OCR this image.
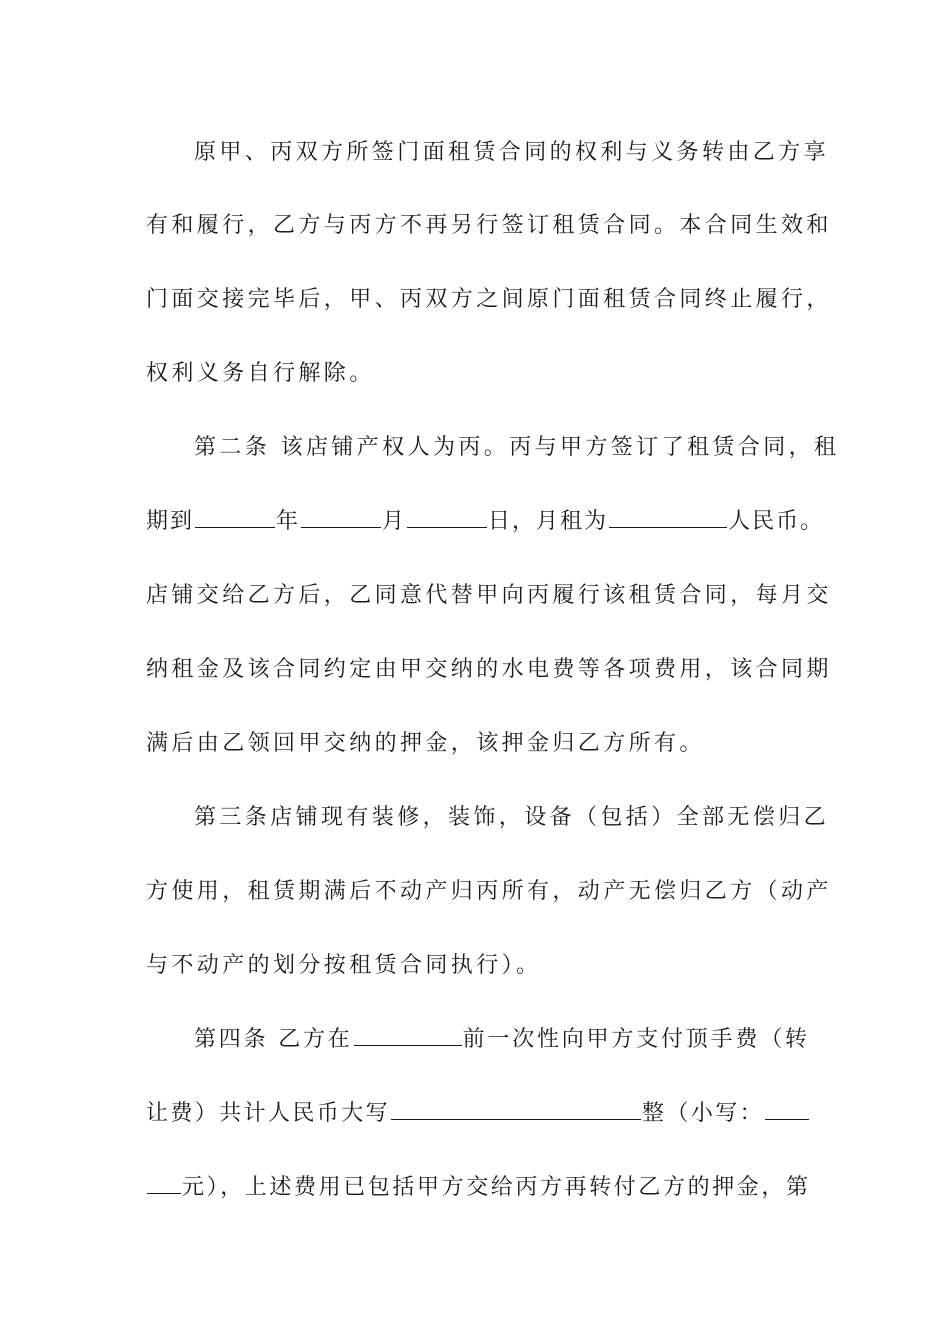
原甲、丙双方所签门面租赁合同的权利与义务转由乙方享
有和履行，乙方与丙方不再另行签订租赁合同。本合同生效和
门面交接完毕后，甲、丙双方之间原门面租赁合同终止履行，
权利义务自行解除。
第二条 该店铺产权人为丙。丙与甲方签订了租赁合同，租
期到	年	月	日，月租为	人民币。
店铺交给乙方后，乙同意代替甲向丙履行该租赁合同，每月交
纳租金及该合同约定由甲交纳的水电费等各项费用，该合同期
满后由乙领回甲交纳的押金，该押金归乙方所有。
第三条店铺现有装修，装饰，设备（包括）全部无偿归乙
方使用，租赁期满后不动产归丙所有，动产无偿归乙方（动产
与不动产的划分按租赁合同执行）。
第四条 乙方在	前一次性向甲方支付顶手费（转
让费）共计人民币大写	整（小写：
元），上述费用已包括甲方交给丙方再转付乙方的押金，第
